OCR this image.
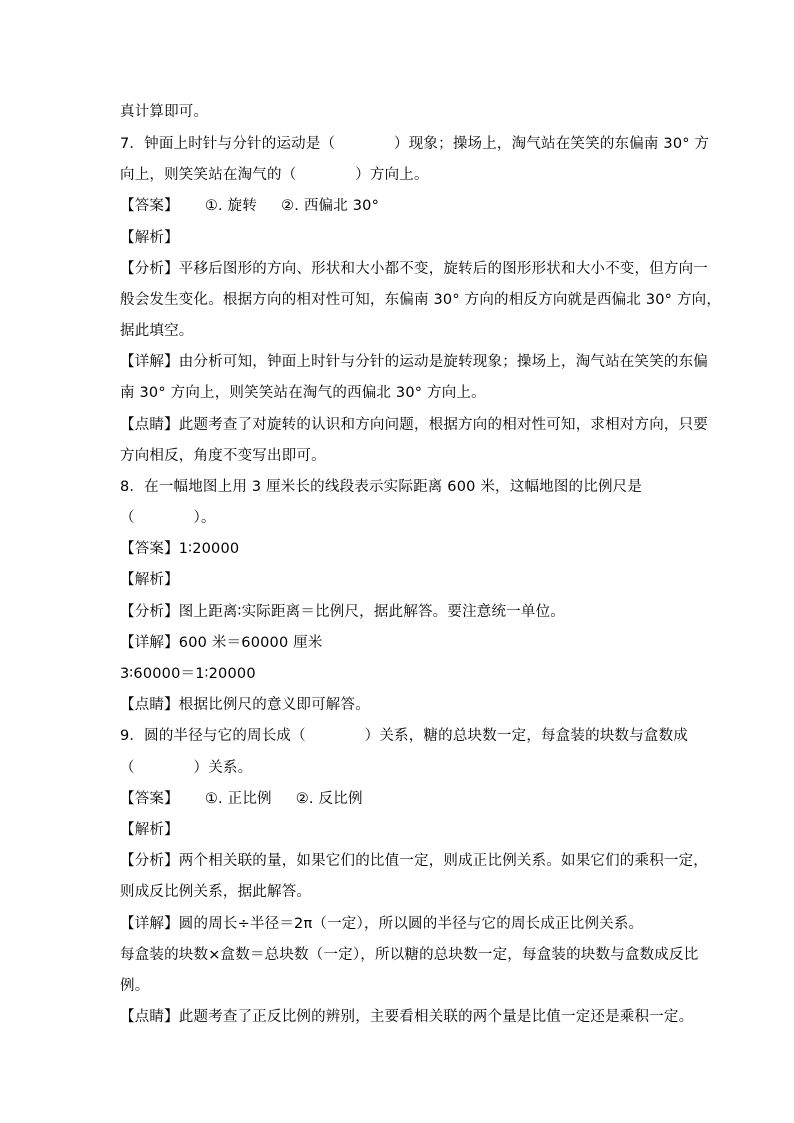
真计算即可。
7．钟面上时针与分针的运动是（　　　　）现象；操场上，淘气站在笑笑的东偏南 30° 方
向上，则笑笑站在淘气的（　　　　）方向上。
【答案】 ①. 旋转 ②. 西偏北 30°
【解析】
【分析】平移后图形的方向、形状和大小都不变，旋转后的图形形状和大小不变，但方向一
般会发生变化。根据方向的相对性可知，东偏南 30° 方向的相反方向就是西偏北 30° 方向，
据此填空。
【详解】由分析可知，钟面上时针与分针的运动是旋转现象；操场上，淘气站在笑笑的东偏
南 30° 方向上，则笑笑站在淘气的西偏北 30° 方向上。
【点睛】此题考查了对旋转的认识和方向问题，根据方向的相对性可知，求相对方向，只要
方向相反，角度不变写出即可。
8．在一幅地图上用 3 厘米长的线段表示实际距离 600 米，这幅地图的比例尺是
（　　　　）。
【答案】1∶20000
【解析】
【分析】图上距离∶实际距离＝比例尺，据此解答。要注意统一单位。
【详解】600 米＝60000 厘米
3∶60000＝1∶20000
【点睛】根据比例尺的意义即可解答。
9．圆的半径与它的周长成（　　　　）关系，糖的总块数一定，每盒装的块数与盒数成
（　　　　）关系。
【答案】 ①. 正比例 ②. 反比例
【解析】
【分析】两个相关联的量，如果它们的比值一定，则成正比例关系。如果它们的乘积一定，
则成反比例关系，据此解答。
【详解】圆的周长÷半径＝2π（一定），所以圆的半径与它的周长成正比例关系。
每盒装的块数×盒数＝总块数（一定），所以糖的总块数一定，每盒装的块数与盒数成反比
例。
【点睛】此题考查了正反比例的辨别，主要看相关联的两个量是比值一定还是乘积一定。
